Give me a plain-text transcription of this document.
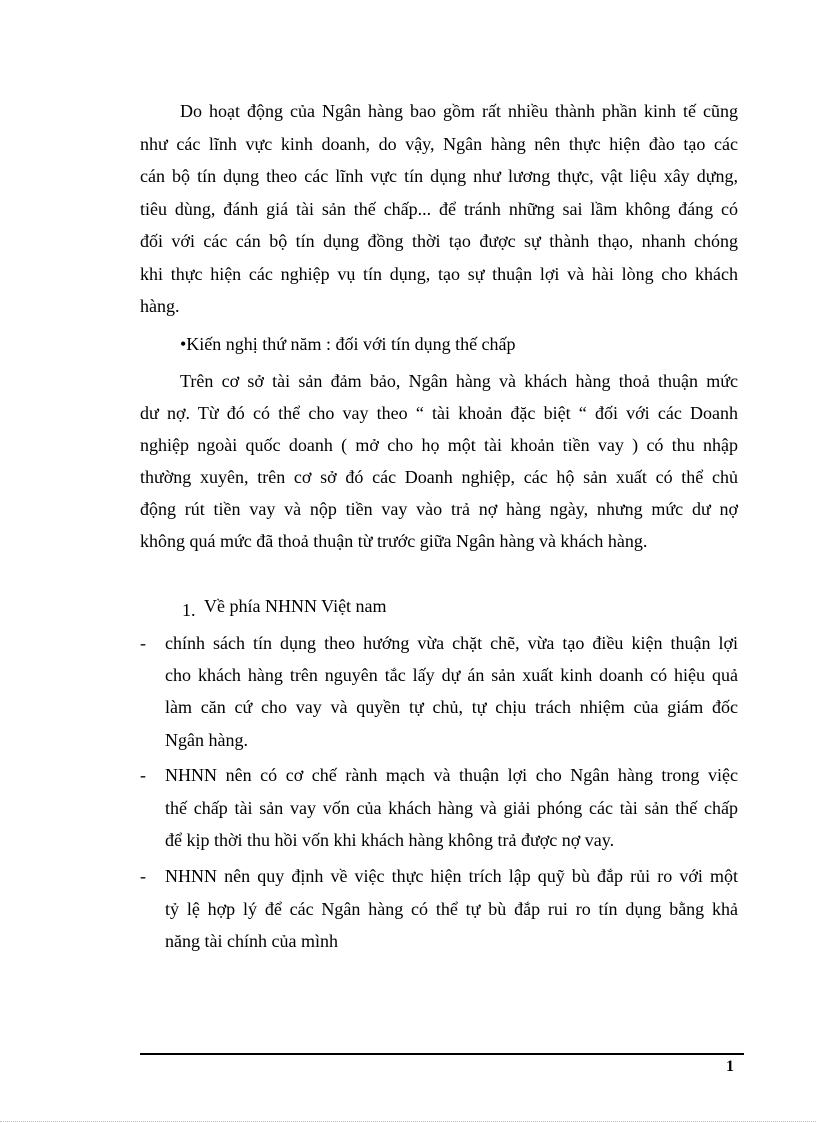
Do hoạt động của Ngân hàng bao gồm rất nhiều thành phần kinh tế cũng
như các lĩnh vực kinh doanh, do vậy, Ngân hàng nên thực hiện đào tạo các
cán bộ tín dụng theo các lĩnh vực tín dụng như lương thực, vật liệu xây dựng,
tiêu dùng, đánh giá tài sản thế chấp... để tránh những sai lầm không đáng có
đối với các cán bộ tín dụng đồng thời tạo được sự thành thạo, nhanh chóng
khi thực hiện các nghiệp vụ tín dụng, tạo sự thuận lợi và hài lòng cho khách
hàng.
•Kiến nghị thứ năm : đối với tín dụng thế chấp
Trên cơ sở tài sản đảm bảo, Ngân hàng và khách hàng thoả thuận mức
dư nợ. Từ đó có thể cho vay theo “ tài khoản đặc biệt “ đối với các Doanh
nghiệp ngoài quốc doanh ( mở cho họ một tài khoản tiền vay ) có thu nhập
thường xuyên, trên cơ sở đó các Doanh nghiệp, các hộ sản xuất có thể chủ
động rút tiền vay và nộp tiền vay vào trả nợ hàng ngày, nhưng mức dư nợ
không quá mức đã thoả thuận từ trước giữa Ngân hàng và khách hàng.
1. Về phía NHNN Việt nam
- chính sách tín dụng theo hướng vừa chặt chẽ, vừa tạo điều kiện thuận lợi
cho khách hàng trên nguyên tắc lấy dự án sản xuất kinh doanh có hiệu quả
làm căn cứ cho vay và quyền tự chủ, tự chịu trách nhiệm của giám đốc
Ngân hàng.
- NHNN nên có cơ chế rành mạch và thuận lợi cho Ngân hàng trong việc
thế chấp tài sản vay vốn của khách hàng và giải phóng các tài sản thế chấp
để kịp thời thu hồi vốn khi khách hàng không trả được nợ vay.
- NHNN nên quy định về việc thực hiện trích lập quỹ bù đắp rủi ro với một
tỷ lệ hợp lý để các Ngân hàng có thể tự bù đắp rui ro tín dụng bằng khả
năng tài chính của mình
1
